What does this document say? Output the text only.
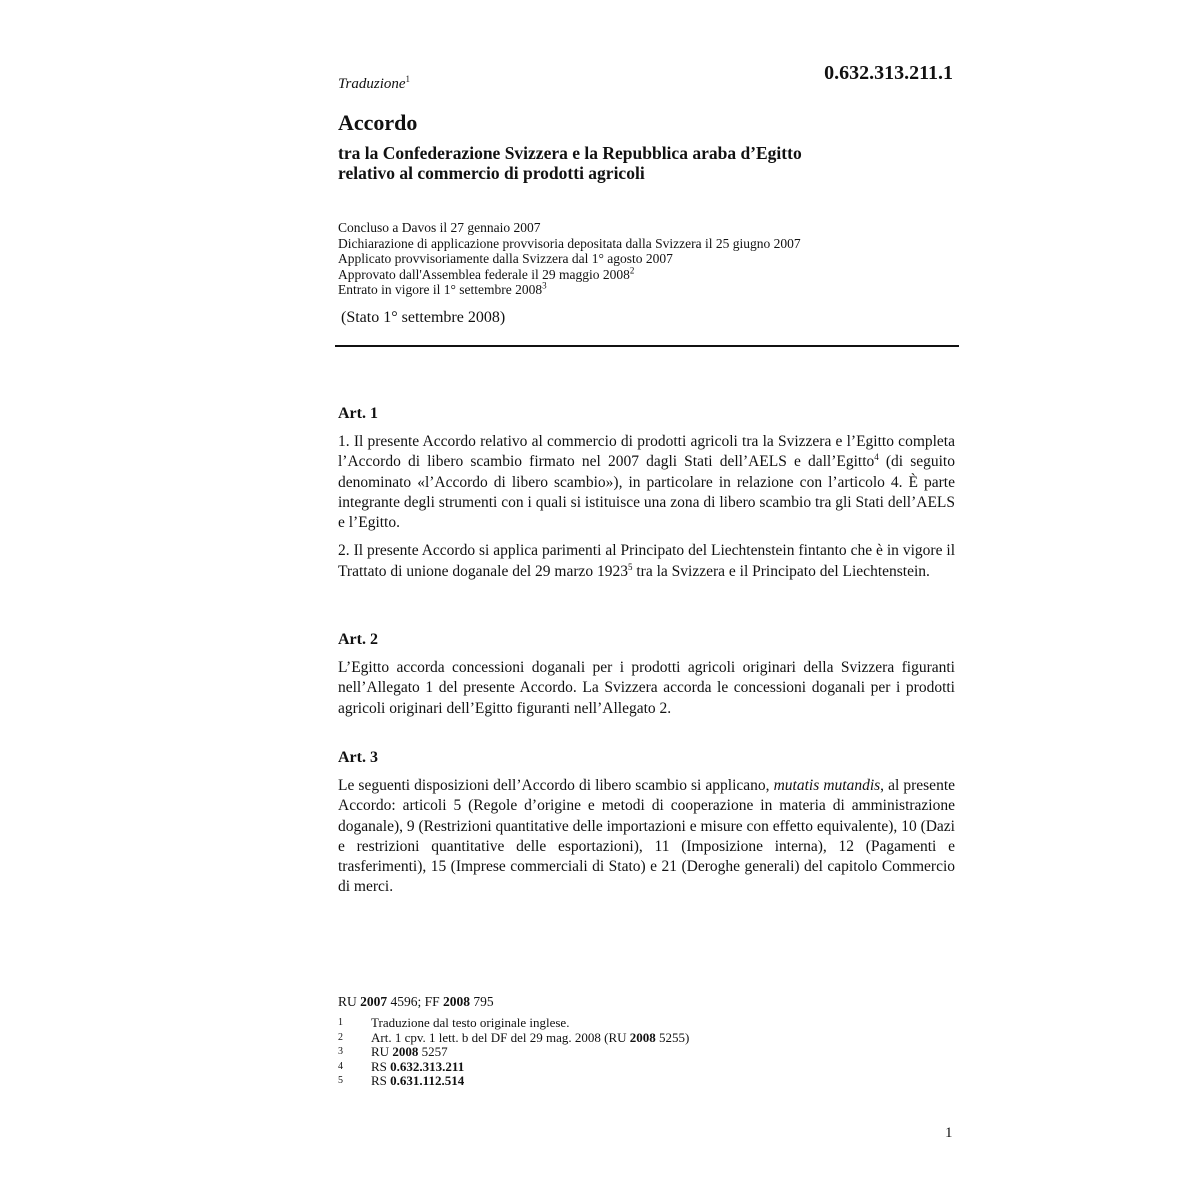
0.632.313.211.1
Traduzione$^1$
Accordo
tra la Confederazione Svizzera e la Repubblica araba d’Egitto
relativo al commercio di prodotti agricoli
Concluso a Davos il 27 gennaio 2007
Dichiarazione di applicazione provvisoria depositata dalla Svizzera il 25 giugno 2007
Applicato provvisoriamente dalla Svizzera dal 1° agosto 2007
Approvato dall'Assemblea federale il 29 maggio 2008$^2$
Entrato in vigore il 1° settembre 2008$^3$
(Stato 1° settembre 2008)
Art. 1

1. Il presente Accordo relativo al commercio di prodotti agricoli tra la Svizzera e l’Egitto completa l’Accordo di libero scambio firmato nel 2007 dagli Stati dell’AELS e dall’Egitto$^4$ (di seguito denominato «l’Accordo di libero scambio»), in particolare in relazione con l’articolo 4. È parte integrante degli strumenti con i quali si istituisce una zona di libero scambio tra gli Stati dell’AELS e l’Egitto.

2. Il presente Accordo si applica parimenti al Principato del Liechtenstein fintanto che è in vigore il Trattato di unione doganale del 29 marzo 1923$^5$ tra la Svizzera e il Principato del Liechtenstein.

Art. 2

L’Egitto accorda concessioni doganali per i prodotti agricoli originari della Svizzera figuranti nell’Allegato 1 del presente Accordo. La Svizzera accorda le concessioni doganali per i prodotti agricoli originari dell’Egitto figuranti nell’Allegato 2.

Art. 3

Le seguenti disposizioni dell’Accordo di libero scambio si applicano, mutatis mutandis, al presente Accordo: articoli 5 (Regole d’origine e metodi di cooperazione in materia di amministrazione doganale), 9 (Restrizioni quantitative delle importazioni e misure con effetto equivalente), 10 (Dazi e restrizioni quantitative delle esportazioni), 11 (Imposizione interna), 12 (Pagamenti e trasferimenti), 15 (Imprese commerciali di Stato) e 21 (Deroghe generali) del capitolo Commercio di merci.

RU 2007 4596; FF 2008 795
1	Traduzione dal testo originale inglese.
2	Art. 1 cpv. 1 lett. b del DF del 29 mag. 2008 (RU 2008 5255)
3	RU 2008 5257
4	RS 0.632.313.211
5	RS 0.631.112.514
1
